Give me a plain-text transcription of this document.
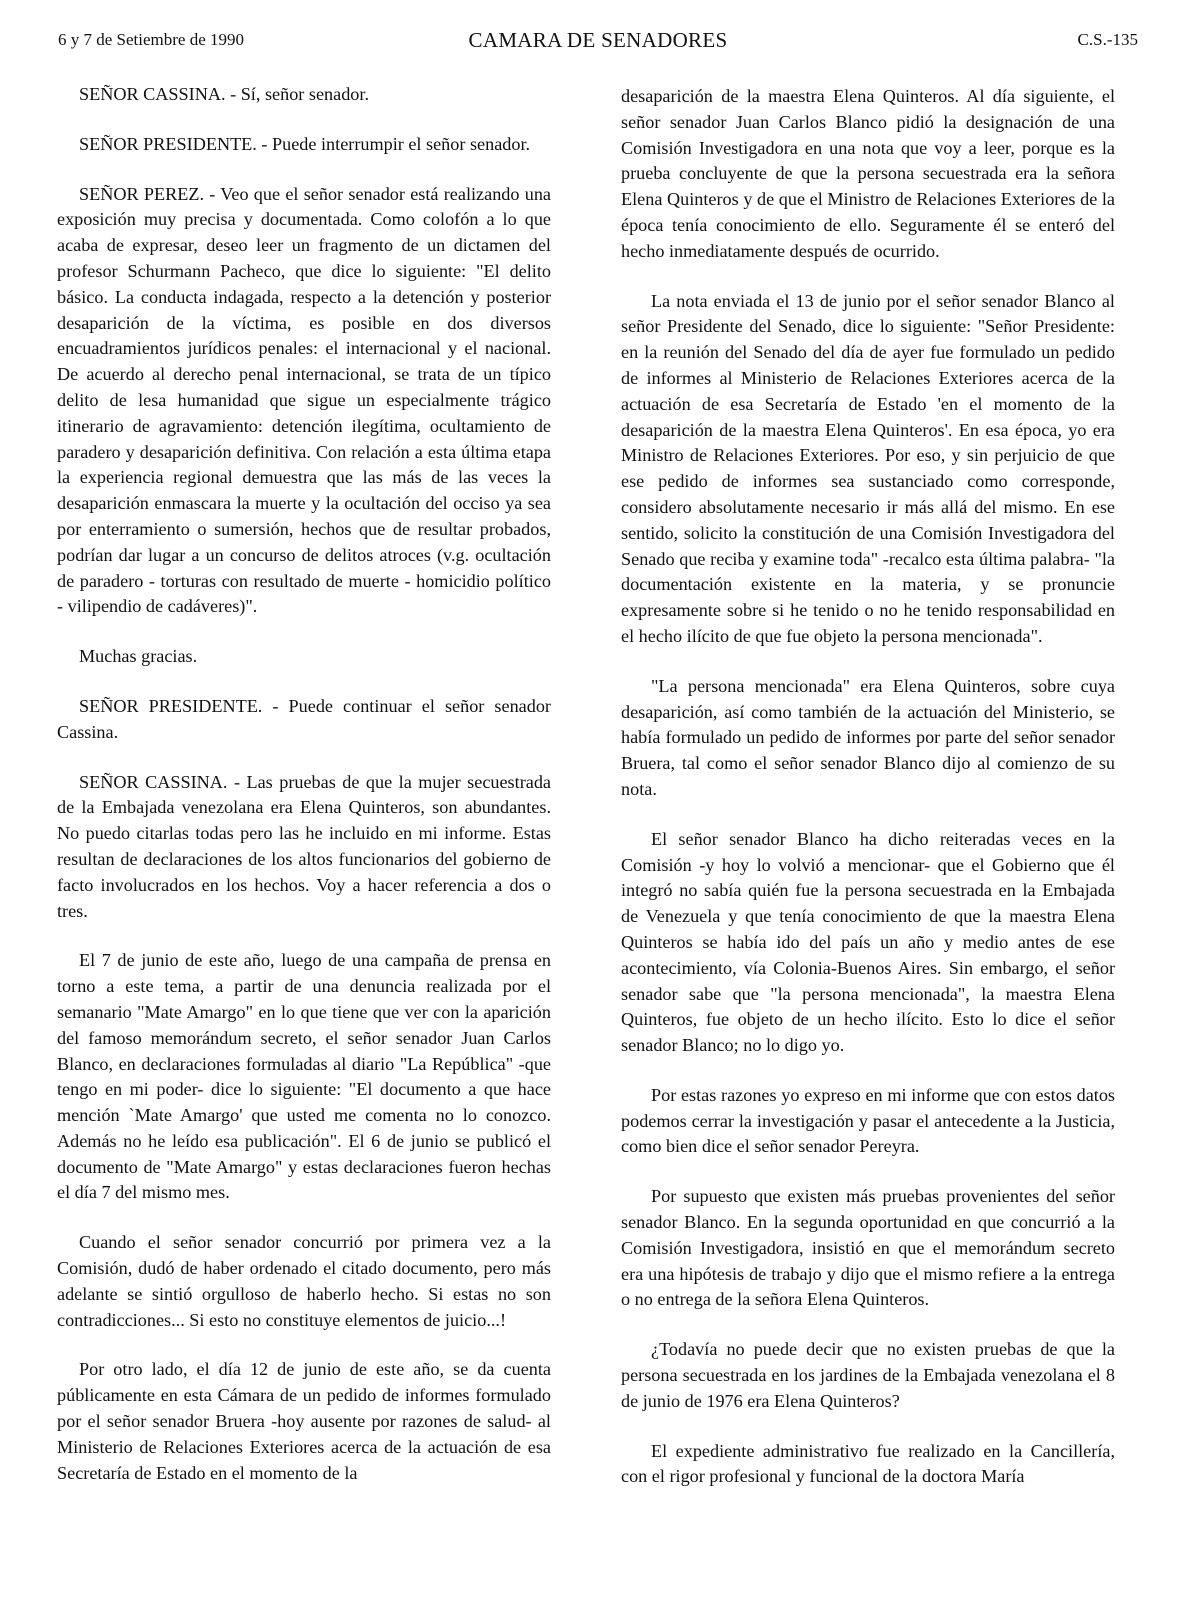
6 y 7 de Setiembre de 1990	CAMARA DE SENADORES	C.S.-135

SEÑOR CASSINA. - Sí, señor senador.

SEÑOR PRESIDENTE. - Puede interrumpir el señor senador.

SEÑOR PEREZ. - Veo que el señor senador está realizando una exposición muy precisa y documentada. Como colofón a lo que acaba de expresar, deseo leer un fragmento de un dictamen del profesor Schurmann Pacheco, que dice lo siguiente: "El delito básico. La conducta indagada, respecto a la detención y posterior desaparición de la víctima, es posible en dos diversos encuadramientos jurídicos penales: el internacional y el nacional. De acuerdo al derecho penal internacional, se trata de un típico delito de lesa humanidad que sigue un especialmente trágico itinerario de agravamiento: detención ilegítima, ocultamiento de paradero y desaparición definitiva. Con relación a esta última etapa la experiencia regional demuestra que las más de las veces la desaparición enmascara la muerte y la ocultación del occiso ya sea por enterramiento o sumersión, hechos que de resultar probados, podrían dar lugar a un concurso de delitos atroces (v.g. ocultación de paradero - torturas con resultado de muerte - homicidio político - vilipendio de cadáveres)".

Muchas gracias.

SEÑOR PRESIDENTE. - Puede continuar el señor senador Cassina.

SEÑOR CASSINA. - Las pruebas de que la mujer secuestrada de la Embajada venezolana era Elena Quinteros, son abundantes. No puedo citarlas todas pero las he incluido en mi informe. Estas resultan de declaraciones de los altos funcionarios del gobierno de facto involucrados en los hechos. Voy a hacer referencia a dos o tres.

El 7 de junio de este año, luego de una campaña de prensa en torno a este tema, a partir de una denuncia realizada por el semanario "Mate Amargo" en lo que tiene que ver con la aparición del famoso memorándum secreto, el señor senador Juan Carlos Blanco, en declaraciones formuladas al diario "La República" -que tengo en mi poder- dice lo siguiente: "El documento a que hace mención `Mate Amargo' que usted me comenta no lo conozco. Además no he leído esa publicación". El 6 de junio se publicó el documento de "Mate Amargo" y estas declaraciones fueron hechas el día 7 del mismo mes.

Cuando el señor senador concurrió por primera vez a la Comisión, dudó de haber ordenado el citado documento, pero más adelante se sintió orgulloso de haberlo hecho. Si estas no son contradicciones... Si esto no constituye elementos de juicio...!

Por otro lado, el día 12 de junio de este año, se da cuenta públicamente en esta Cámara de un pedido de informes formulado por el señor senador Bruera -hoy ausente por razones de salud- al Ministerio de Relaciones Exteriores acerca de la actuación de esa Secretaría de Estado en el momento de la

desaparición de la maestra Elena Quinteros. Al día siguiente, el señor senador Juan Carlos Blanco pidió la designación de una Comisión Investigadora en una nota que voy a leer, porque es la prueba concluyente de que la persona secuestrada era la señora Elena Quinteros y de que el Ministro de Relaciones Exteriores de la época tenía conocimiento de ello. Seguramente él se enteró del hecho inmediatamente después de ocurrido.

La nota enviada el 13 de junio por el señor senador Blanco al señor Presidente del Senado, dice lo siguiente: "Señor Presidente: en la reunión del Senado del día de ayer fue formulado un pedido de informes al Ministerio de Relaciones Exteriores acerca de la actuación de esa Secretaría de Estado 'en el momento de la desaparición de la maestra Elena Quinteros'. En esa época, yo era Ministro de Relaciones Exteriores. Por eso, y sin perjuicio de que ese pedido de informes sea sustanciado como corresponde, considero absolutamente necesario ir más allá del mismo. En ese sentido, solicito la constitución de una Comisión Investigadora del Senado que reciba y examine toda" -recalco esta última palabra- "la documentación existente en la materia, y se pronuncie expresamente sobre si he tenido o no he tenido responsabilidad en el hecho ilícito de que fue objeto la persona mencionada".

"La persona mencionada" era Elena Quinteros, sobre cuya desaparición, así como también de la actuación del Ministerio, se había formulado un pedido de informes por parte del señor senador Bruera, tal como el señor senador Blanco dijo al comienzo de su nota.

El señor senador Blanco ha dicho reiteradas veces en la Comisión -y hoy lo volvió a mencionar- que el Gobierno que él integró no sabía quién fue la persona secuestrada en la Embajada de Venezuela y que tenía conocimiento de que la maestra Elena Quinteros se había ido del país un año y medio antes de ese acontecimiento, vía Colonia-Buenos Aires. Sin embargo, el señor senador sabe que "la persona mencionada", la maestra Elena Quinteros, fue objeto de un hecho ilícito. Esto lo dice el señor senador Blanco; no lo digo yo.

Por estas razones yo expreso en mi informe que con estos datos podemos cerrar la investigación y pasar el antecedente a la Justicia, como bien dice el señor senador Pereyra.

Por supuesto que existen más pruebas provenientes del señor senador Blanco. En la segunda oportunidad en que concurrió a la Comisión Investigadora, insistió en que el memorándum secreto era una hipótesis de trabajo y dijo que el mismo refiere a la entrega o no entrega de la señora Elena Quinteros.

¿Todavía no puede decir que no existen pruebas de que la persona secuestrada en los jardines de la Embajada venezolana el 8 de junio de 1976 era Elena Quinteros?

El expediente administrativo fue realizado en la Cancillería, con el rigor profesional y funcional de la doctora María
